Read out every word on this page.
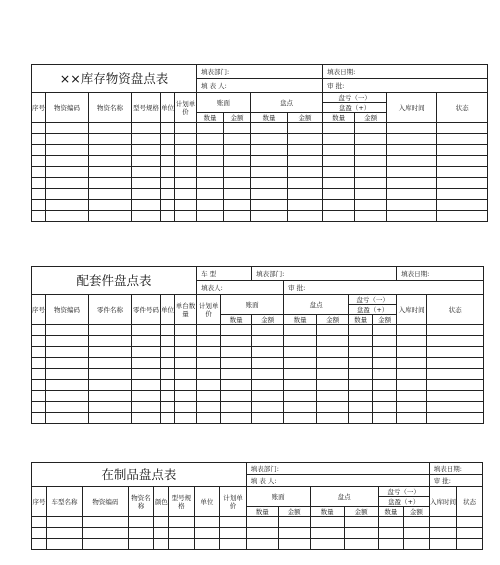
××库存物资盘点表						填表部门:				填表日期:			
						填 表 人:				审 批:			
序号	物资编码	物资名称	型号规格	单位	计划单价	账面		盘点		盘亏（一）		入库时间	状态
										盘盈（+）			
						数量	金额	数量	金额	数量	金额		

配套件盘点表						车 型		填表部门:					填表日期:	
						填表人:			审 批:					
序号	物资编码	零件名称	零件号码	单位	单台数量	计划单价	账面		盘点		盘亏（一）		入库时间	状态
											盘盈（+）			
							数量	金额	数量	金额	数量	金额		

在制品盘点表								填表部门:						填表日期:	
								填 表 人:						审 批:	
序号	车型名称	物资编码	物资名称	颜色	型号规格	单位	计划单价	账面		盘点		盘亏（一）		入库时间	状态
												盘盈（+）			
								数量	金额	数量	金额	数量	金额		
